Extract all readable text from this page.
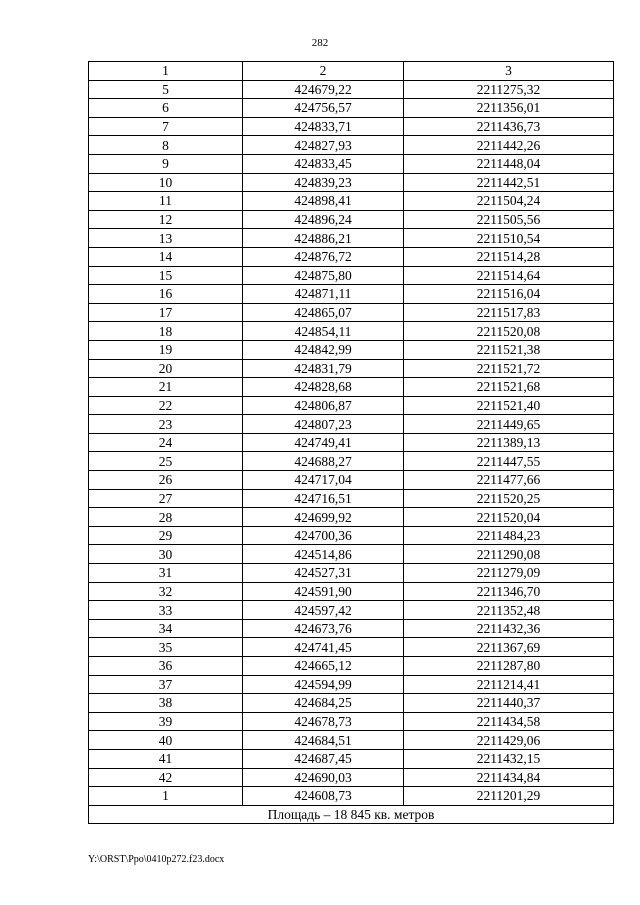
282
1	2	3
5	424679,22	2211275,32
6	424756,57	2211356,01
7	424833,71	2211436,73
8	424827,93	2211442,26
9	424833,45	2211448,04
10	424839,23	2211442,51
11	424898,41	2211504,24
12	424896,24	2211505,56
13	424886,21	2211510,54
14	424876,72	2211514,28
15	424875,80	2211514,64
16	424871,11	2211516,04
17	424865,07	2211517,83
18	424854,11	2211520,08
19	424842,99	2211521,38
20	424831,79	2211521,72
21	424828,68	2211521,68
22	424806,87	2211521,40
23	424807,23	2211449,65
24	424749,41	2211389,13
25	424688,27	2211447,55
26	424717,04	2211477,66
27	424716,51	2211520,25
28	424699,92	2211520,04
29	424700,36	2211484,23
30	424514,86	2211290,08
31	424527,31	2211279,09
32	424591,90	2211346,70
33	424597,42	2211352,48
34	424673,76	2211432,36
35	424741,45	2211367,69
36	424665,12	2211287,80
37	424594,99	2211214,41
38	424684,25	2211440,37
39	424678,73	2211434,58
40	424684,51	2211429,06
41	424687,45	2211432,15
42	424690,03	2211434,84
1	424608,73	2211201,29
Площадь – 18 845 кв. метров		
Y:\ORST\Ppo\0410p272.f23.docx
